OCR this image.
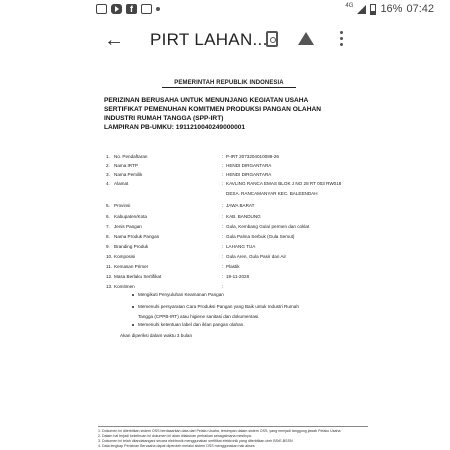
f	4G 16% 07:42
← PIRT LAHAN...
PEMERINTAH REPUBLIK INDONESIA
PERIZINAN BERUSAHA UNTUK MENUNJANG KEGIATAN USAHA
SERTIFIKAT PEMENUHAN KOMITMEN PRODUKSI PANGAN OLAHAN
INDUSTRI RUMAH TANGGA (SPP-IRT)
LAMPIRAN PB-UMKU: 1911210040249000001
1. No. Pendaftaran	: P-IRT 2073204010089-26
2. Nama IRTP	: HENDI DIRGANTARA
3. Nama Pemilik	: HENDI DIRGANTARA
4. Alamat	: KAVLING RANCA EMAS BLOK J NO 28 RT 003 RW018
DESA. RANCAMANYAR KEC. BALEENDAH
5. Provinsi	: JAWA BARAT
6. Kabupaten/Kota	: KAB. BANDUNG
7. Jenis Pangan	: Gula, Kembang Gula/ permen dan coklat
8. Nama Produk Pangan	: Gula Palma Serbuk (Gula Semut)
9. Branding Produk	: LAHANG TUA
10. Komposisi	: Gula Aren, Gula Pasir dan Air
11. Kemasan Primer	: Plastik
12. Masa Berlaku Sertifikat	: 19-11-2026
13. Komitmen	:
Mengikuti Penyuluhan Keamanan Pangan
Memenuhi persyaratan Cara Produksi Pangan yang Baik untuk Industri Rumah
Tangga (CPPB-IRT) atau higiene sanitasi dan dokumentasi.
Memenuhi ketentuan label dan iklan pangan olahan.
Akan diperiksi dalam waktu 3 bulan
1. Dokumen ini diterbitkan sistem OSS berdasarkan data dari Pelaku Usaha, tersimpan dalam sistem OSS, yang menjadi tanggung jawab Pelaku Usaha
2. Dalam hal terjadi kekeliruan isi dokumen ini akan dilakukan perbaikan sebagaimana mestinya.
3. Dokumen ini telah ditandatangani secara elektronik menggunakan sertifikat elektronik yang diterbitkan oleh BSrE-BSSN
4. Data lengkap Perizinan Berusaha dapat diperoleh melalui sistem OSS menggunakan hak akses
